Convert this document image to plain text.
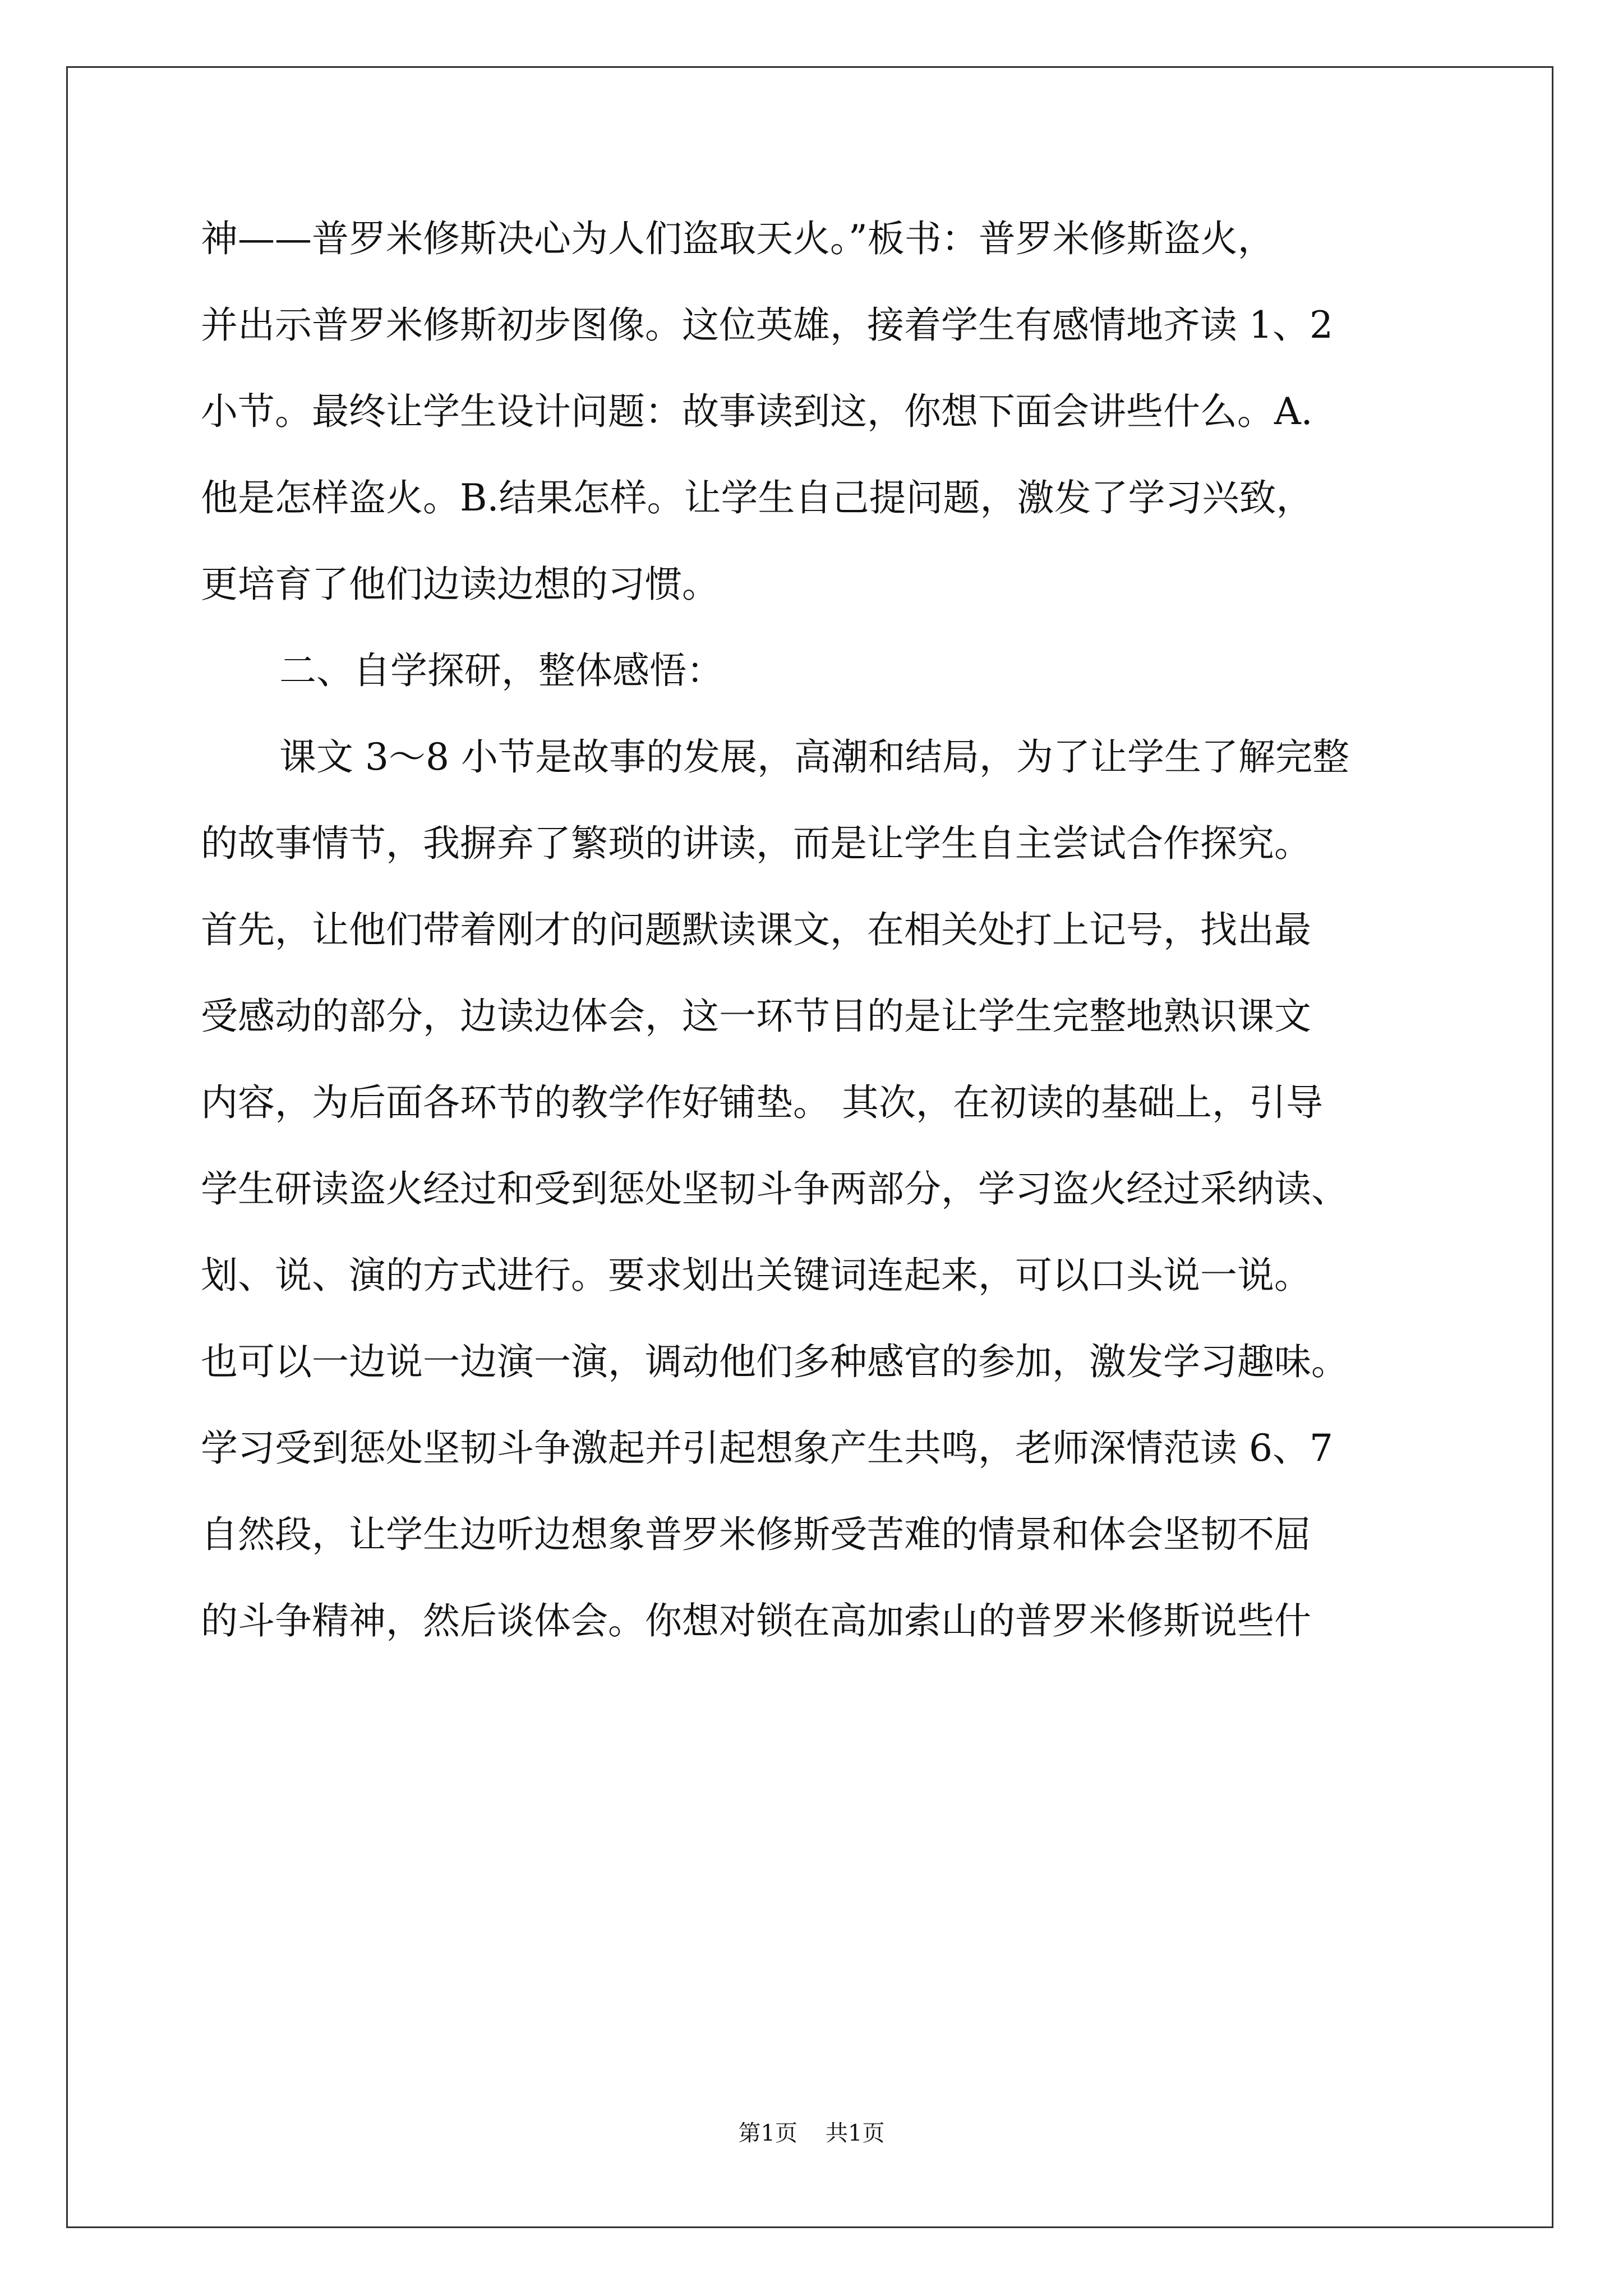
神——普罗米修斯决心为人们盗取天火。”板书：普罗米修斯盗火，

并出示普罗米修斯初步图像。这位英雄，接着学生有感情地齐读 1、2

小节。最终让学生设计问题：故事读到这，你想下面会讲些什么。A.

他是怎样盗火。B.结果怎样。让学生自己提问题，激发了学习兴致，

更培育了他们边读边想的习惯。

二、自学探研，整体感悟：

课文 3～8 小节是故事的发展，高潮和结局，为了让学生了解完整

的故事情节，我摒弃了繁琐的讲读，而是让学生自主尝试合作探究。

首先，让他们带着刚才的问题默读课文，在相关处打上记号，找出最

受感动的部分，边读边体会，这一环节目的是让学生完整地熟识课文

内容，为后面各环节的教学作好铺垫。 其次，在初读的基础上，引导

学生研读盗火经过和受到惩处坚韧斗争两部分，学习盗火经过采纳读、

划、说、演的方式进行。要求划出关键词连起来，可以口头说一说。

也可以一边说一边演一演，调动他们多种感官的参加，激发学习趣味。

学习受到惩处坚韧斗争激起并引起想象产生共鸣，老师深情范读 6、7

自然段，让学生边听边想象普罗米修斯受苦难的情景和体会坚韧不屈

的斗争精神，然后谈体会。你想对锁在高加索山的普罗米修斯说些什

第1页 共1页
